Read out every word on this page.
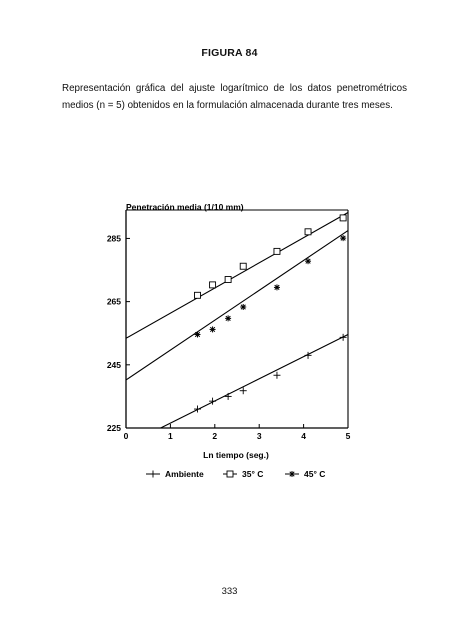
FIGURA 84
Representación gráfica del ajuste logarítmico de los datos penetrométricos medios (n = 5) obtenidos en la formulación almacenada durante tres meses.
Penetración media (1/10 mm)
0	1	2	3	4	5
225
245
265
285
Ln tiempo (seg.)
Ambiente	35° C	45° C
333
